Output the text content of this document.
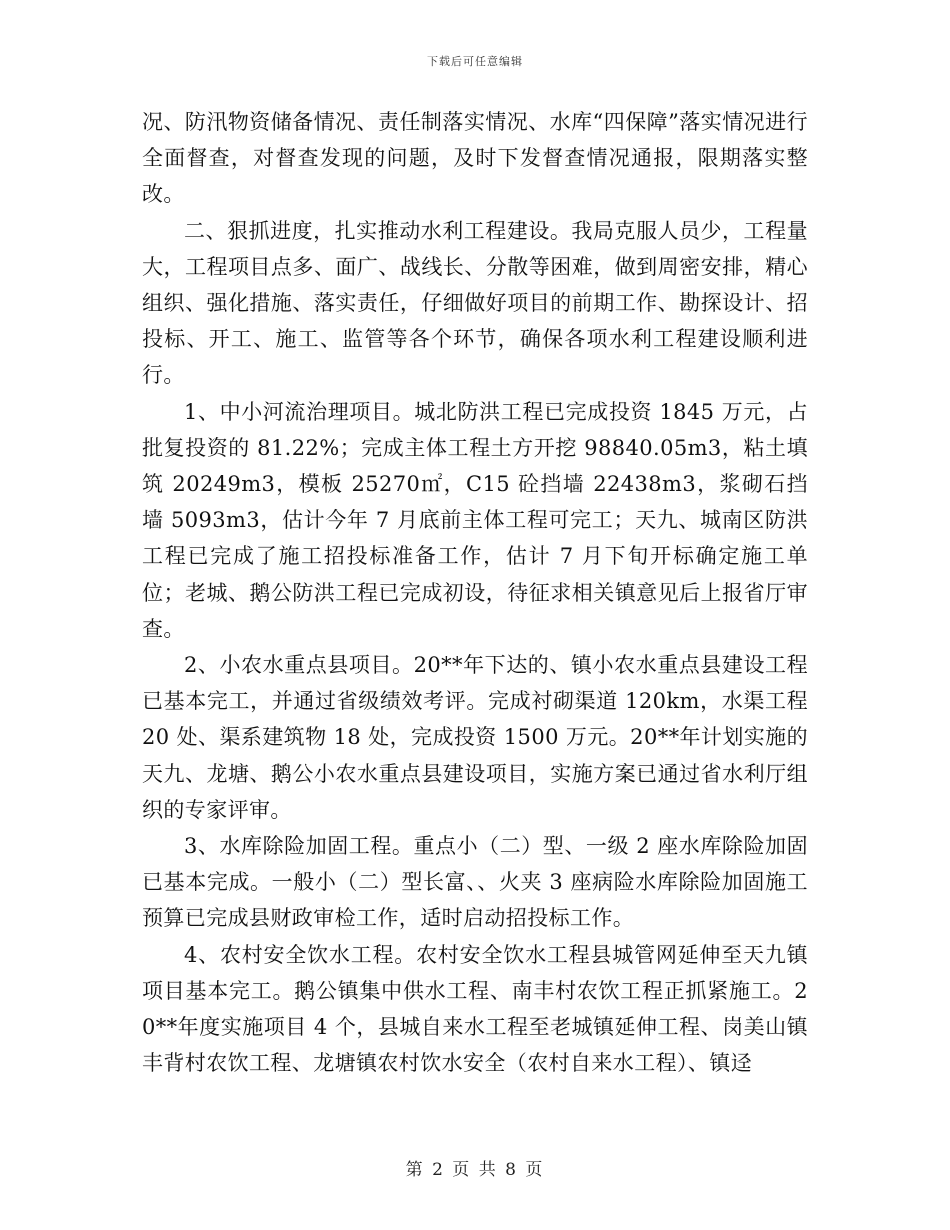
下载后可任意编辑

况、防汛物资储备情况、责任制落实情况、水库“四保障”落实情况进行全面督查，对督查发现的问题，及时下发督查情况通报，限期落实整改。

二、狠抓进度，扎实推动水利工程建设。我局克服人员少，工程量大，工程项目点多、面广、战线长、分散等困难，做到周密安排，精心组织、强化措施、落实责任，仔细做好项目的前期工作、勘探设计、招投标、开工、施工、监管等各个环节，确保各项水利工程建设顺利进行。

1、中小河流治理项目。城北防洪工程已完成投资 1845 万元，占批复投资的 81.22%；完成主体工程土方开挖 98840.05m3，粘土填筑 20249m3，模板 25270㎡，C15 砼挡墙 22438m3，浆砌石挡墙 5093m3，估计今年 7 月底前主体工程可完工；天九、城南区防洪工程已完成了施工招投标准备工作，估计 7 月下旬开标确定施工单位；老城、鹅公防洪工程已完成初设，待征求相关镇意见后上报省厅审查。

2、小农水重点县项目。20**年下达的、镇小农水重点县建设工程已基本完工，并通过省级绩效考评。完成衬砌渠道 120km，水渠工程 20 处、渠系建筑物 18 处，完成投资 1500 万元。20**年计划实施的天九、龙塘、鹅公小农水重点县建设项目，实施方案已通过省水利厅组织的专家评审。

3、水库除险加固工程。重点小（二）型、一级 2 座水库除险加固已基本完成。一般小（二）型长富、、火夹 3 座病险水库除险加固施工预算已完成县财政审检工作，适时启动招投标工作。

4、农村安全饮水工程。农村安全饮水工程县城管网延伸至天九镇项目基本完工。鹅公镇集中供水工程、南丰村农饮工程正抓紧施工。20**年度实施项目 4 个，县城自来水工程至老城镇延伸工程、岗美山镇丰背村农饮工程、龙塘镇农村饮水安全（农村自来水工程）、镇迳

第 2 页 共 8 页
